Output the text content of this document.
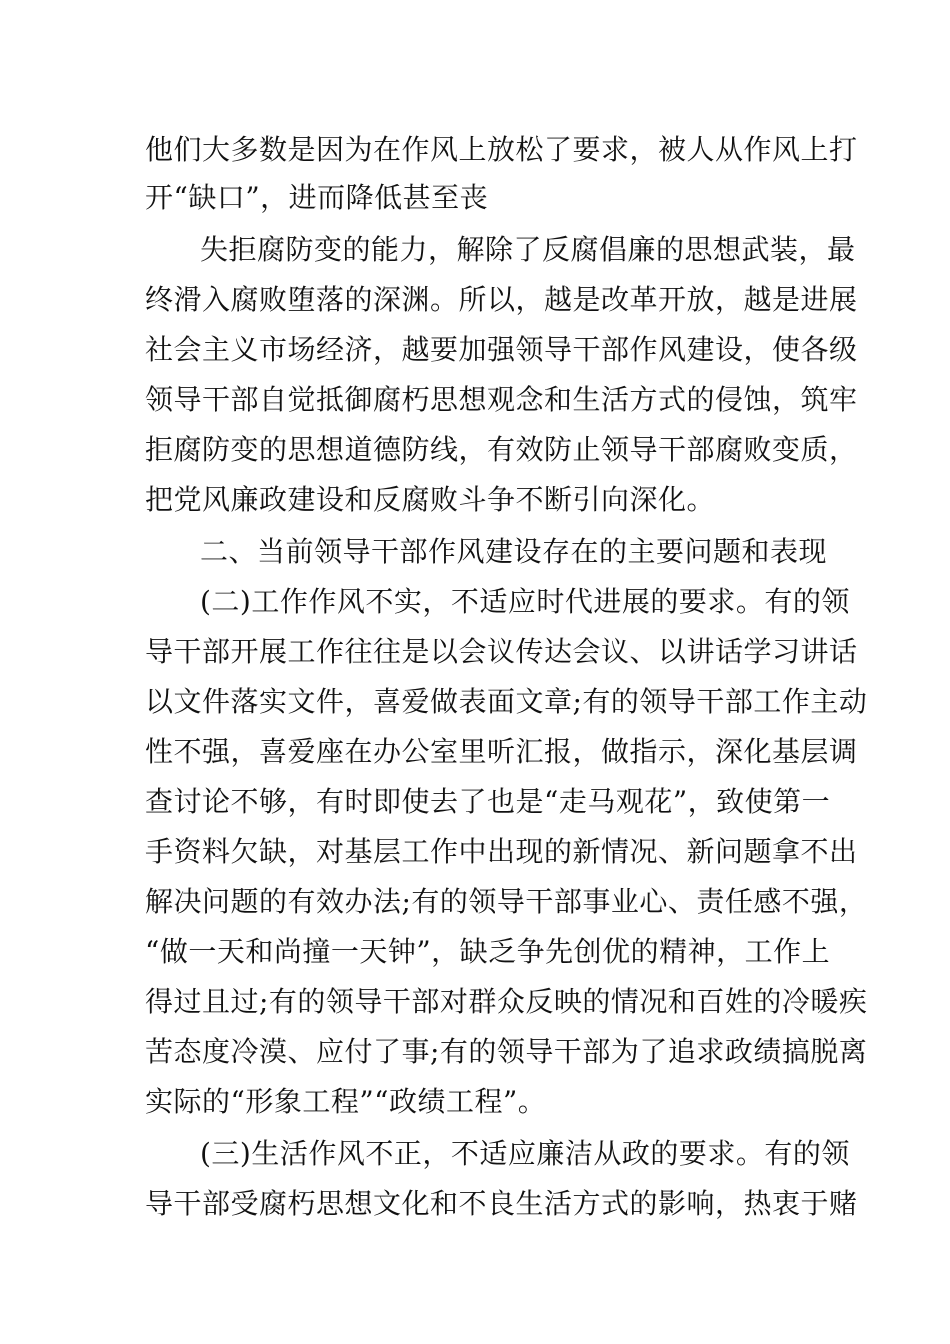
他们大多数是因为在作风上放松了要求，被人从作风上打
开“缺口”，进而降低甚至丧
失拒腐防变的能力，解除了反腐倡廉的思想武装，最
终滑入腐败堕落的深渊。所以，越是改革开放，越是进展
社会主义市场经济，越要加强领导干部作风建设，使各级
领导干部自觉抵御腐朽思想观念和生活方式的侵蚀，筑牢
拒腐防变的思想道德防线，有效防止领导干部腐败变质，
把党风廉政建设和反腐败斗争不断引向深化。
二、当前领导干部作风建设存在的主要问题和表现
(二)工作作风不实，不适应时代进展的要求。有的领
导干部开展工作往往是以会议传达会议、以讲话学习讲话
以文件落实文件，喜爱做表面文章;有的领导干部工作主动
性不强，喜爱座在办公室里听汇报，做指示，深化基层调
查讨论不够，有时即使去了也是“走马观花”，致使第一
手资料欠缺，对基层工作中出现的新情况、新问题拿不出
解决问题的有效办法;有的领导干部事业心、责任感不强，
“做一天和尚撞一天钟”，缺乏争先创优的精神，工作上
得过且过;有的领导干部对群众反映的情况和百姓的冷暖疾
苦态度冷漠、应付了事;有的领导干部为了追求政绩搞脱离
实际的“形象工程”“政绩工程”。
(三)生活作风不正，不适应廉洁从政的要求。有的领
导干部受腐朽思想文化和不良生活方式的影响，热衷于赌
